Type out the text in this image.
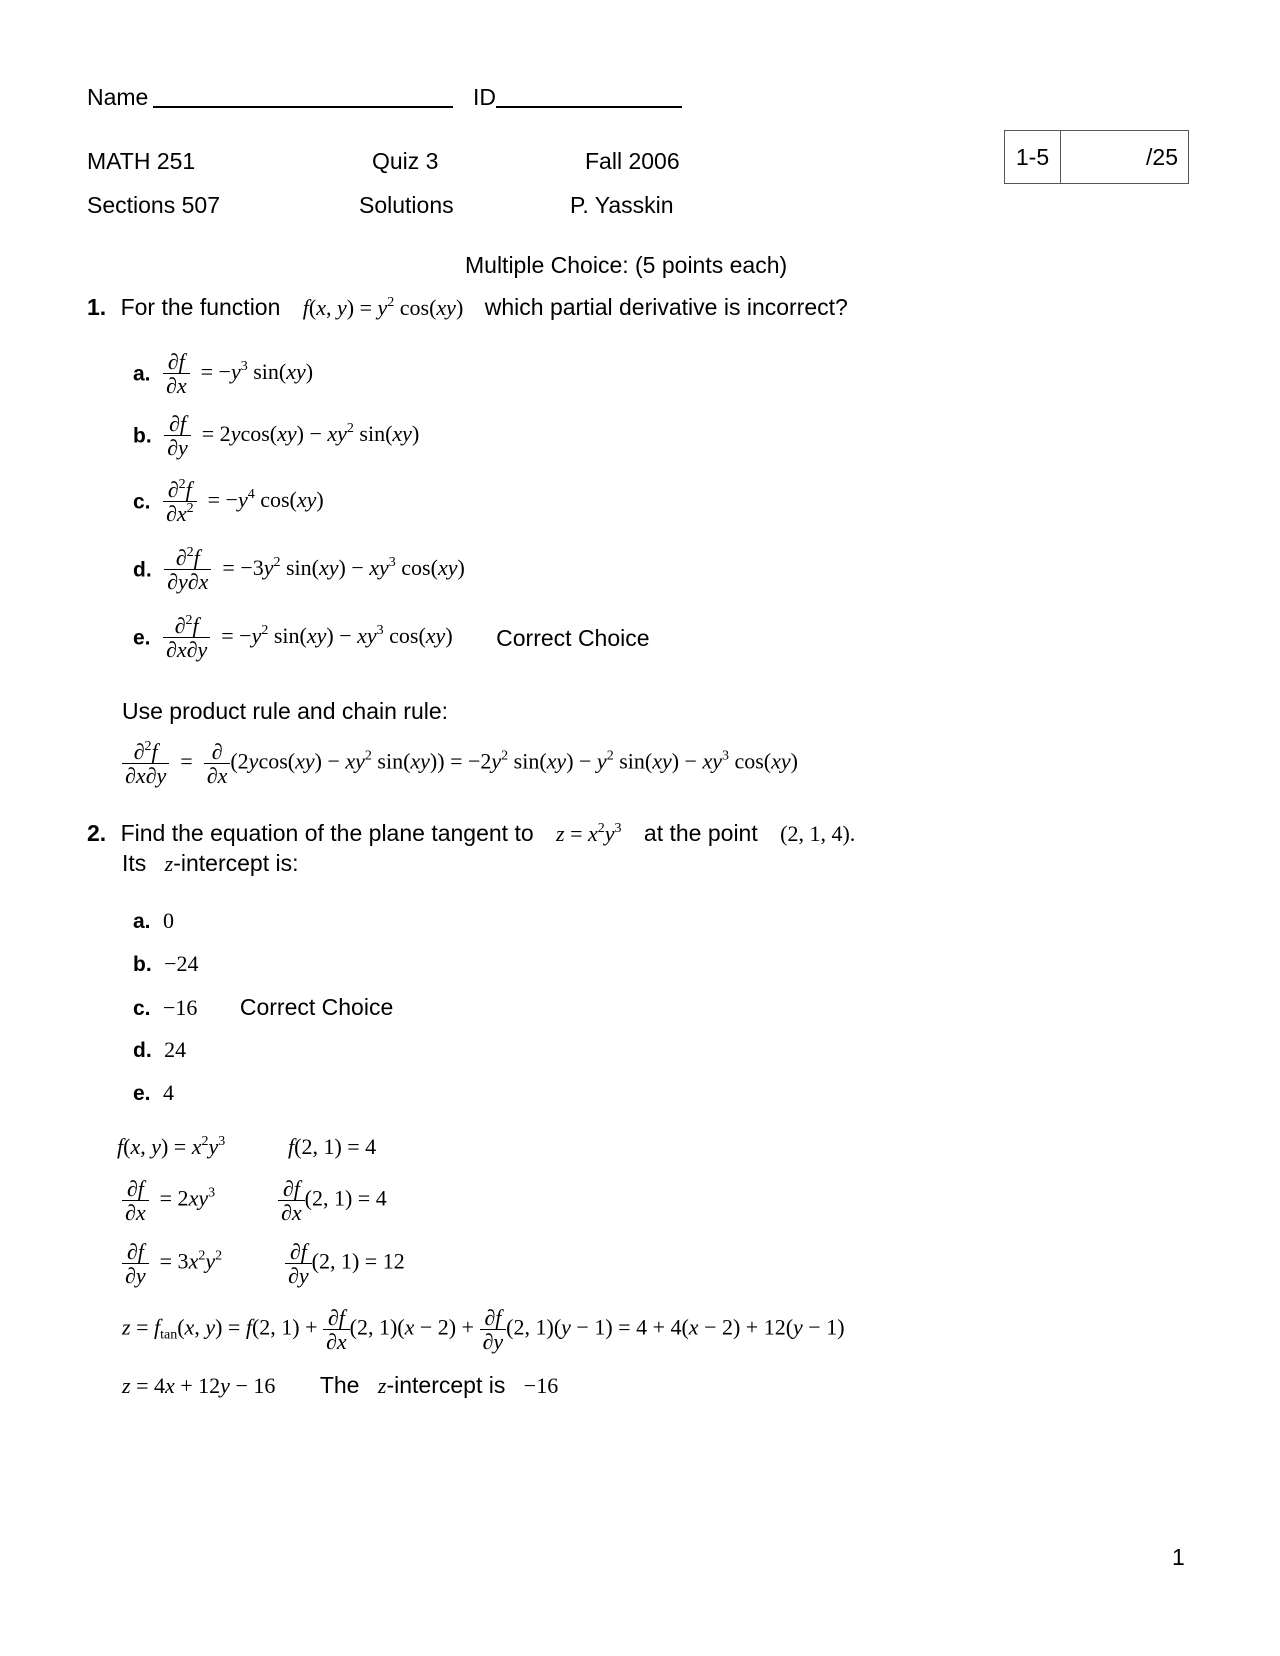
Name	ID
MATH 251	Quiz 3	Fall 2006
Sections 507	Solutions	P. Yasskin
1-5	/25
Multiple Choice: (5 points each)
1. For the function f(x, $y) = y^2$ cos(xy) which partial derivative is incorrect?
a. $\frac{\partial f}{\partial x} = -y^3$ sin(xy)
b. $\frac{\partial f}{\partial y} = 2ycos(xy) - xy^2$ sin(xy)
c. $\frac{\partial^2f}{\partial x^2} = -y^4$ cos(xy)
d. $\frac{\partial^2f}{\partial y\partial x} = -3y^2$ $\sin(xy) - xy^3$ cos(xy)
e. $\frac{\partial^2f}{\partial x\partial y} = -y^2$ $\sin(xy) - xy^3$ cos(xy) Correct Choice
Use product rule and chain rule:
$\frac{\partial^2f}{\partial x\partial y} = \frac{\partial}{\partial x} (2ycos(xy) - xy^2$ $\sin(xy)) = -2y^2$ $\sin(xy) - y^2$ $\sin(xy) - xy^3$ cos(xy)
2. Find the equation of the plane tangent to $z = x^2y^3$ at the point (2, 1, 4).
Its z-intercept is:
a. 0
b. −24
c. −16 Correct Choice
d. 24
e. 4
f(x, $y) = x^2y^3$	f(2, 1) = 4
$\frac{\partial f}{\partial x} = 2xy^3$	$\frac{\partial f}{\partial x} (2$, 1) = 4
$\frac{\partial f}{\partial y} = 3x^2y^2$	$\frac{\partial f}{\partial y} (2$, 1) = 12
$z = f_{tan}(x$, y) = f(2, $1) + \frac{\partial f}{\partial x} (2$, $1)(x - 2) + \frac{\partial f}{\partial y} (2$, 1)(y − 1) = 4 + 4(x − 2) + 12(y − 1)
z = 4x + 12y − 16 The z-intercept is −16
1
